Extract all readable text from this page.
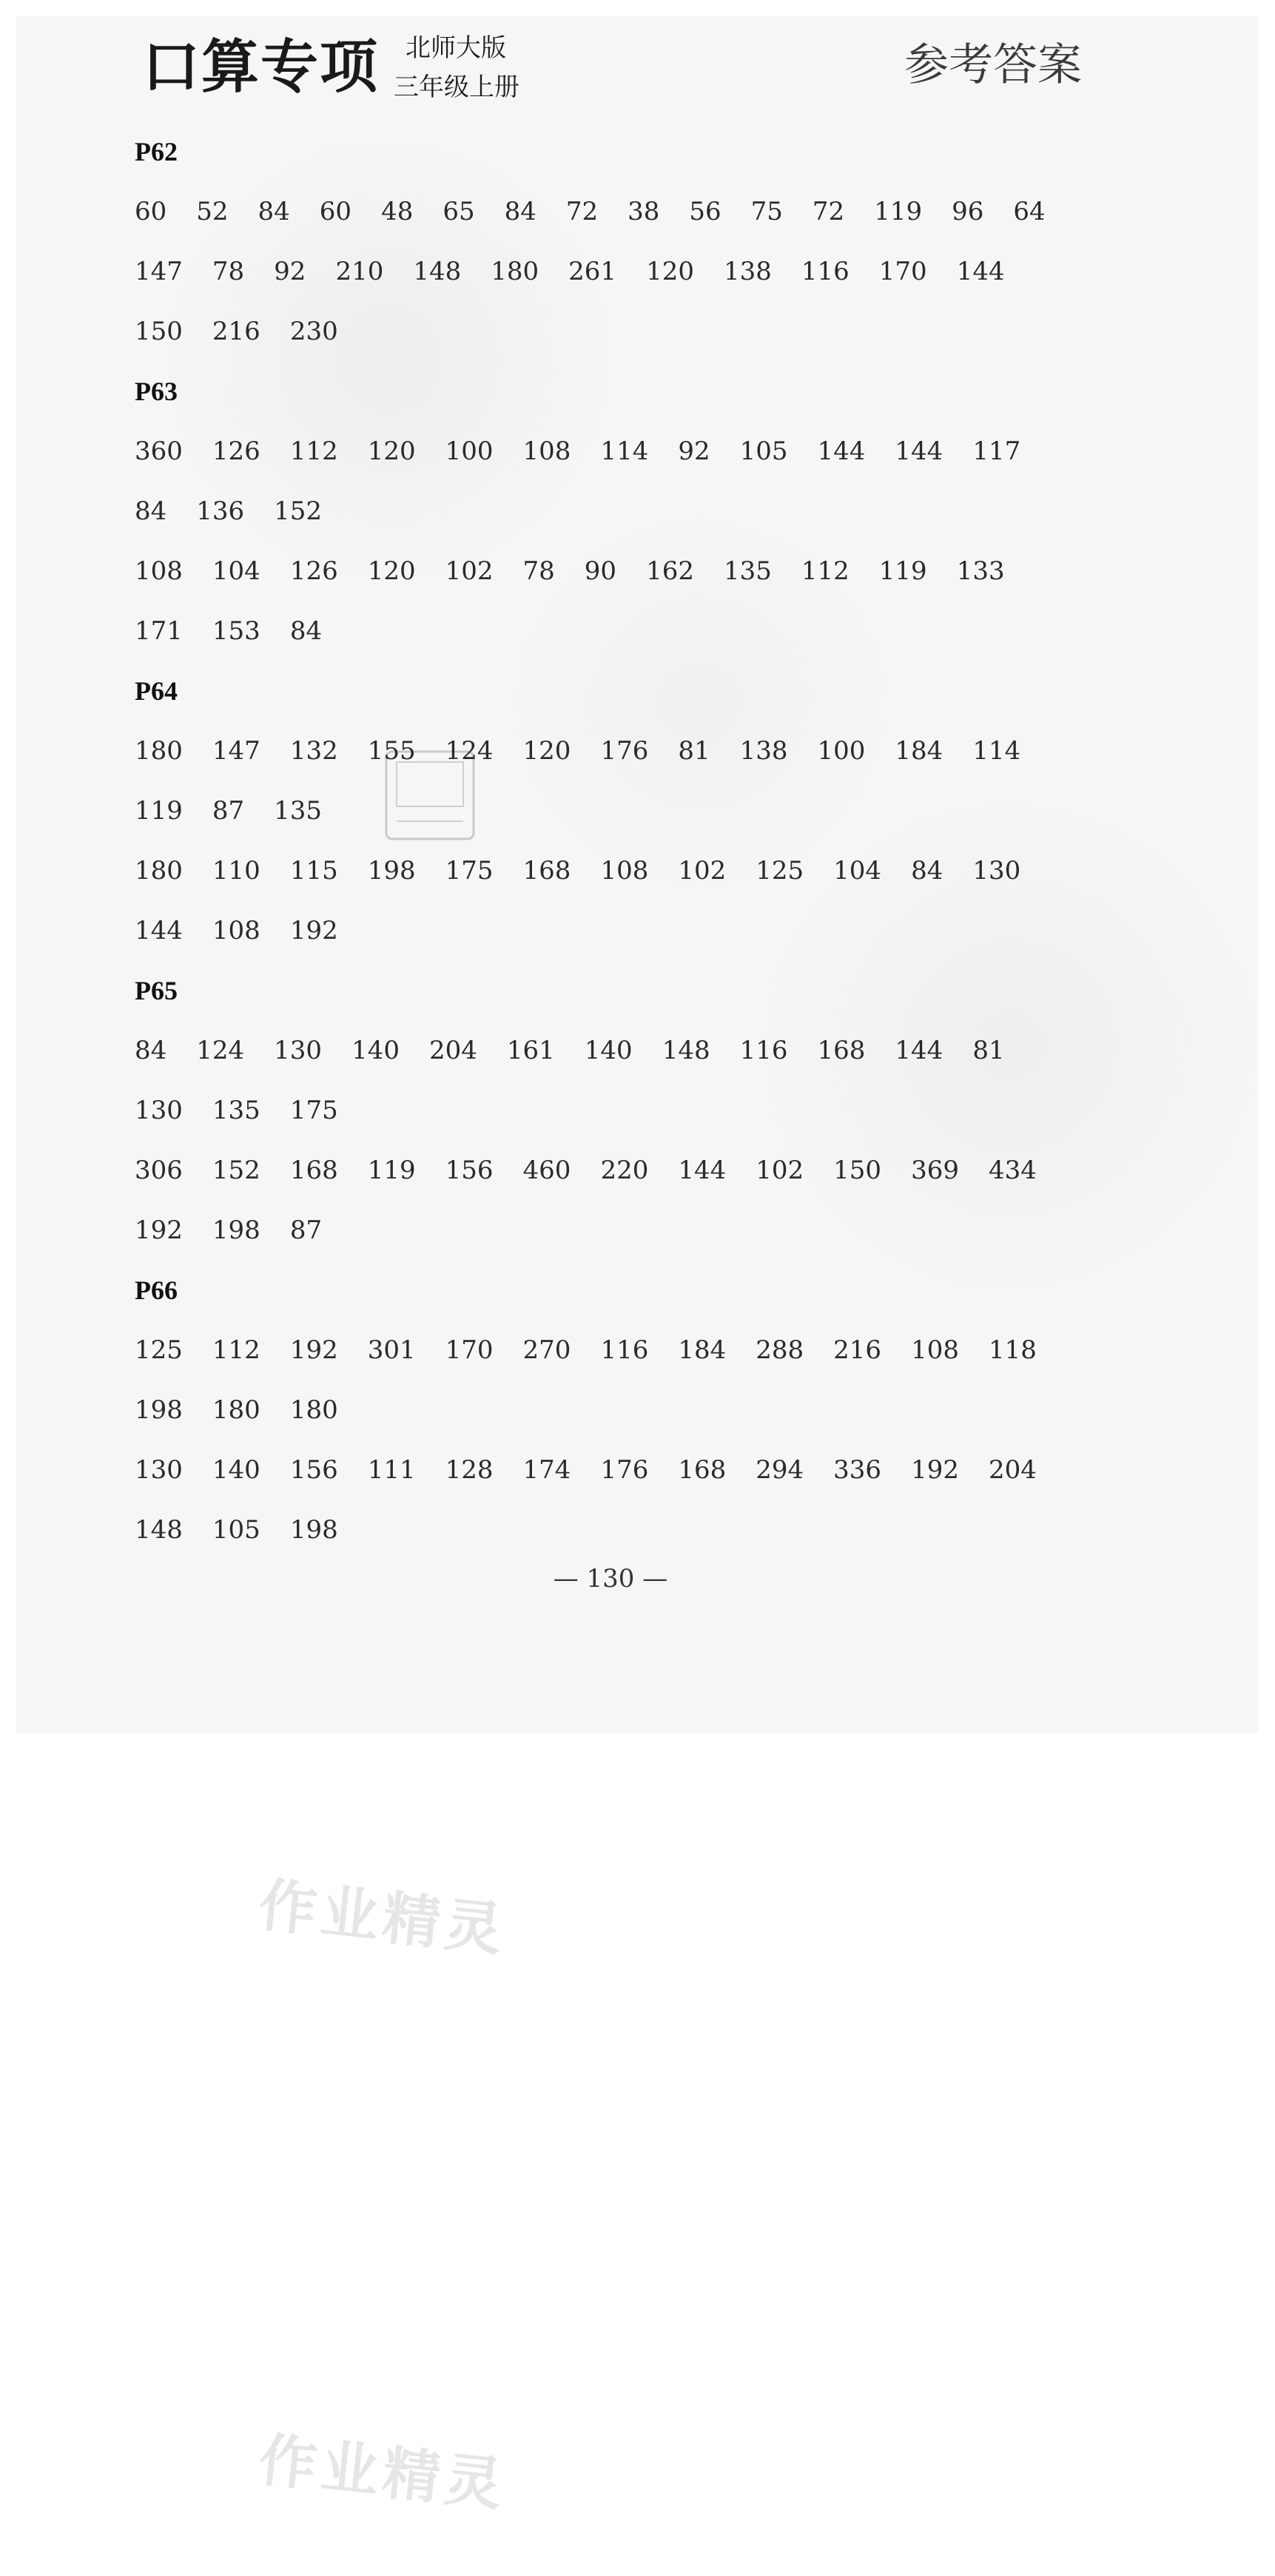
口算专项 北师大版
三年级上册	参考答案
P62
60 52 84 60 48 65 84 72 38 56 75 72 119 96 64
147 78 92 210 148 180 261 120 138 116 170 144
150 216 230
P63
360 126 112 120 100 108 114 92 105 144 144 117
84 136 152
108 104 126 120 102 78 90 162 135 112 119 133
171 153 84
P64
180 147 132 155 124 120 176 81 138 100 184 114
119 87 135
180 110 115 198 175 168 108 102 125 104 84 130
144 108 192
P65
84 124 130 140 204 161 140 148 116 168 144 81
130 135 175
306 152 168 119 156 460 220 144 102 150 369 434
192 198 87
P66
125 112 192 301 170 270 116 184 288 216 108 118
198 180 180
130 140 156 111 128 174 176 168 294 336 192 204
148 105 198
— 130 —
作业精灵
作业精灵
